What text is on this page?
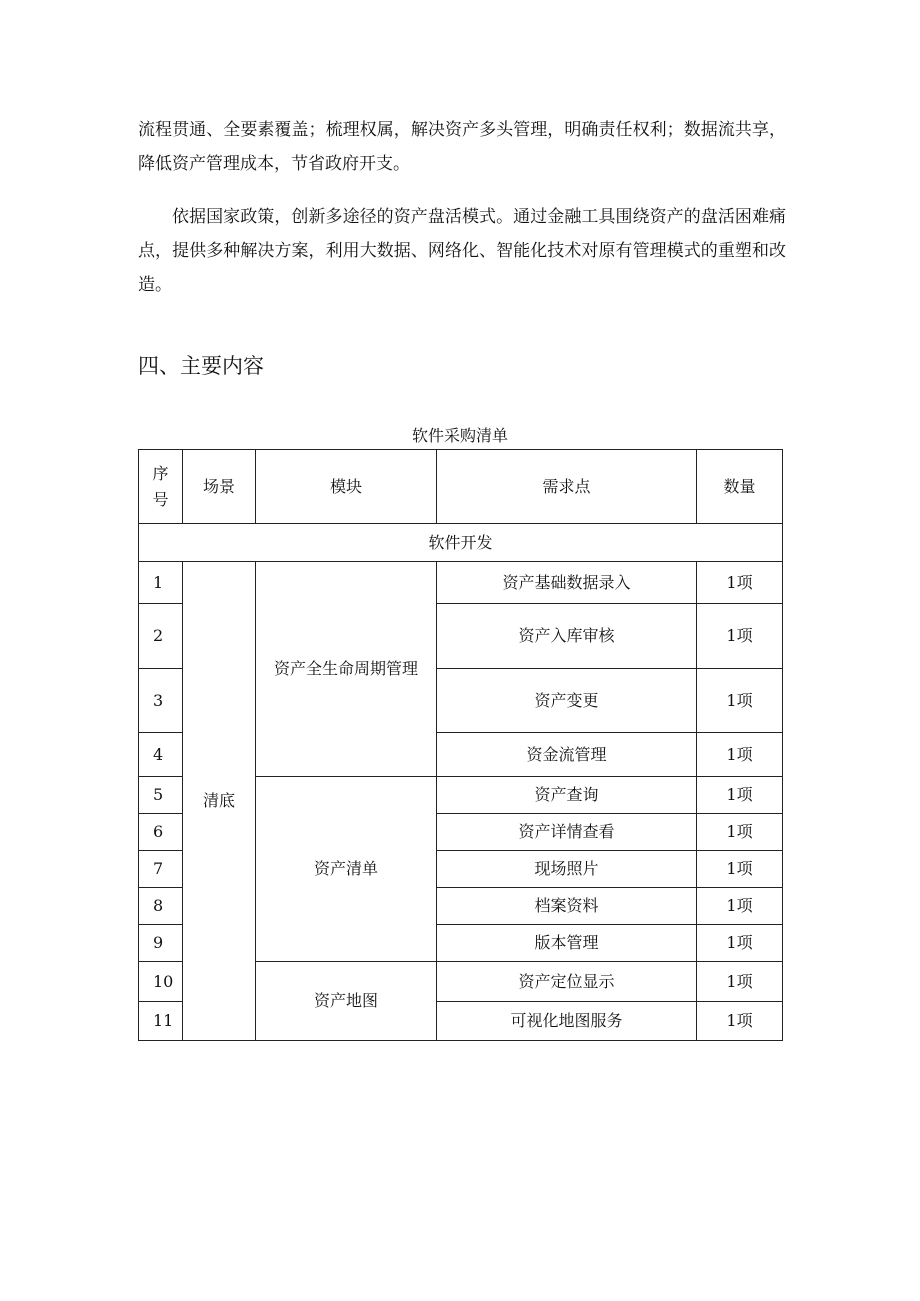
流程贯通、全要素覆盖；梳理权属，解决资产多头管理，明确责任权利；数据流共享，降低资产管理成本，节省政府开支。

依据国家政策，创新多途径的资产盘活模式。通过金融工具围绕资产的盘活困难痛点，提供多种解决方案，利用大数据、网络化、智能化技术对原有管理模式的重塑和改造。

四、主要内容
软件采购清单
序号	场景	模块	需求点	数量
软件开发				
1	清底	资产全生命周期管理	资产基础数据录入	1项
2			资产入库审核	1项
3			资产变更	1项
4			资金流管理	1项
5		资产清单	资产查询	1项
6			资产详情查看	1项
7			现场照片	1项
8			档案资料	1项
9			版本管理	1项
10		资产地图	资产定位显示	1项
11			可视化地图服务	1项
